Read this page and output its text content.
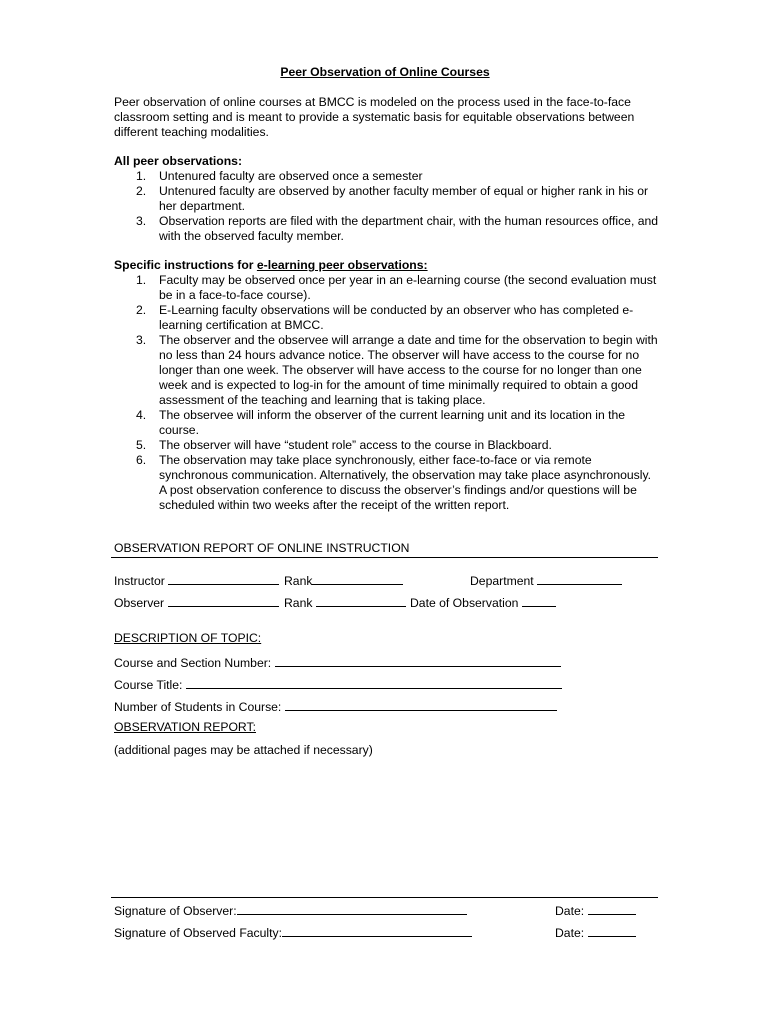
Peer Observation of Online Courses
Peer observation of online courses at BMCC is modeled on the process used in the face-to-face classroom setting and is meant to provide a systematic basis for equitable observations between different teaching modalities.
All peer observations:
1. Untenured faculty are observed once a semester
2. Untenured faculty are observed by another faculty member of equal or higher rank in his or her department.
3. Observation reports are filed with the department chair, with the human resources office, and with the observed faculty member.
Specific instructions for e-learning peer observations:
1. Faculty may be observed once per year in an e-learning course (the second evaluation must be in a face-to-face course).
2. E-Learning faculty observations will be conducted by an observer who has completed e-learning certification at BMCC.
3. The observer and the observee will arrange a date and time for the observation to begin with no less than 24 hours advance notice. The observer will have access to the course for no longer than one week. The observer will have access to the course for no longer than one week and is expected to log-in for the amount of time minimally required to obtain a good assessment of the teaching and learning that is taking place.
4. The observee will inform the observer of the current learning unit and its location in the course.
5. The observer will have “student role” access to the course in Blackboard.
6. The observation may take place synchronously, either face-to-face or via remote synchronous communication. Alternatively, the observation may take place asynchronously. A post observation conference to discuss the observer’s findings and/or questions will be scheduled within two weeks after the receipt of the written report.
OBSERVATION REPORT OF ONLINE INSTRUCTION
Instructor	Rank	Department
Observer	Rank	Date of Observation
DESCRIPTION OF TOPIC:
Course and Section Number:
Course Title:
Number of Students in Course:
OBSERVATION REPORT:
(additional pages may be attached if necessary)
Signature of Observer:	Date:
Signature of Observed Faculty:	Date:
